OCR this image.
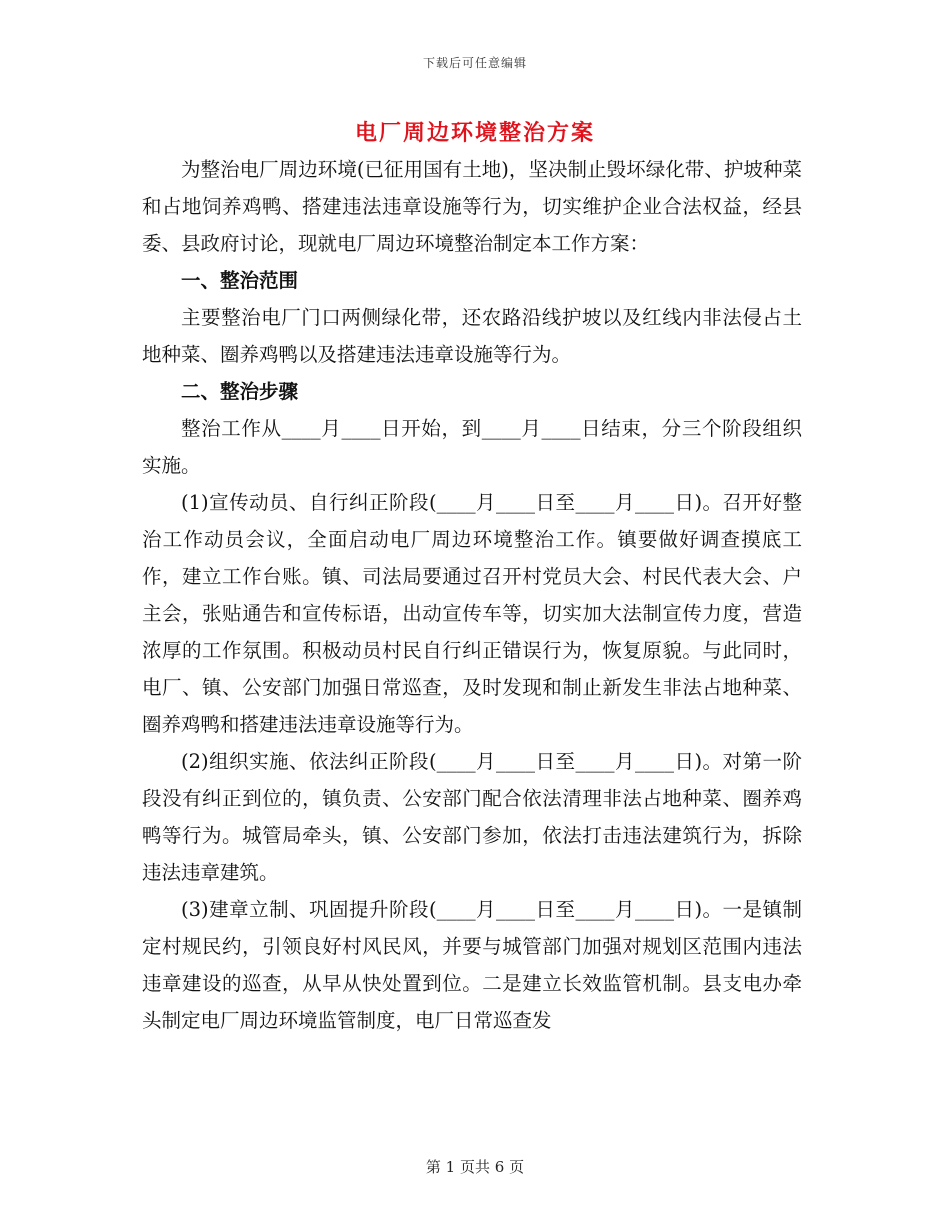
下载后可任意编辑
电厂周边环境整治方案

为整治电厂周边环境(已征用国有土地)，坚决制止毁坏绿化带、护坡种菜和占地饲养鸡鸭、搭建违法违章设施等行为，切实维护企业合法权益，经县委、县政府讨论，现就电厂周边环境整治制定本工作方案：

一、整治范围

主要整治电厂门口两侧绿化带，还农路沿线护坡以及红线内非法侵占土地种菜、圈养鸡鸭以及搭建违法违章设施等行为。

二、整治步骤

整治工作从____月____日开始，到____月____日结束，分三个阶段组织实施。

(1)宣传动员、自行纠正阶段(____月____日至____月____日)。召开好整治工作动员会议，全面启动电厂周边环境整治工作。镇要做好调查摸底工作，建立工作台账。镇、司法局要通过召开村党员大会、村民代表大会、户主会，张贴通告和宣传标语，出动宣传车等，切实加大法制宣传力度，营造浓厚的工作氛围。积极动员村民自行纠正错误行为，恢复原貌。与此同时，电厂、镇、公安部门加强日常巡查，及时发现和制止新发生非法占地种菜、圈养鸡鸭和搭建违法违章设施等行为。

(2)组织实施、依法纠正阶段(____月____日至____月____日)。对第一阶段没有纠正到位的，镇负责、公安部门配合依法清理非法占地种菜、圈养鸡鸭等行为。城管局牵头，镇、公安部门参加，依法打击违法建筑行为，拆除违法违章建筑。

(3)建章立制、巩固提升阶段(____月____日至____月____日)。一是镇制定村规民约，引领良好村风民风，并要与城管部门加强对规划区范围内违法违章建设的巡查，从早从快处置到位。二是建立长效监管机制。县支电办牵头制定电厂周边环境监管制度，电厂日常巡查发

第 1 页共 6 页
